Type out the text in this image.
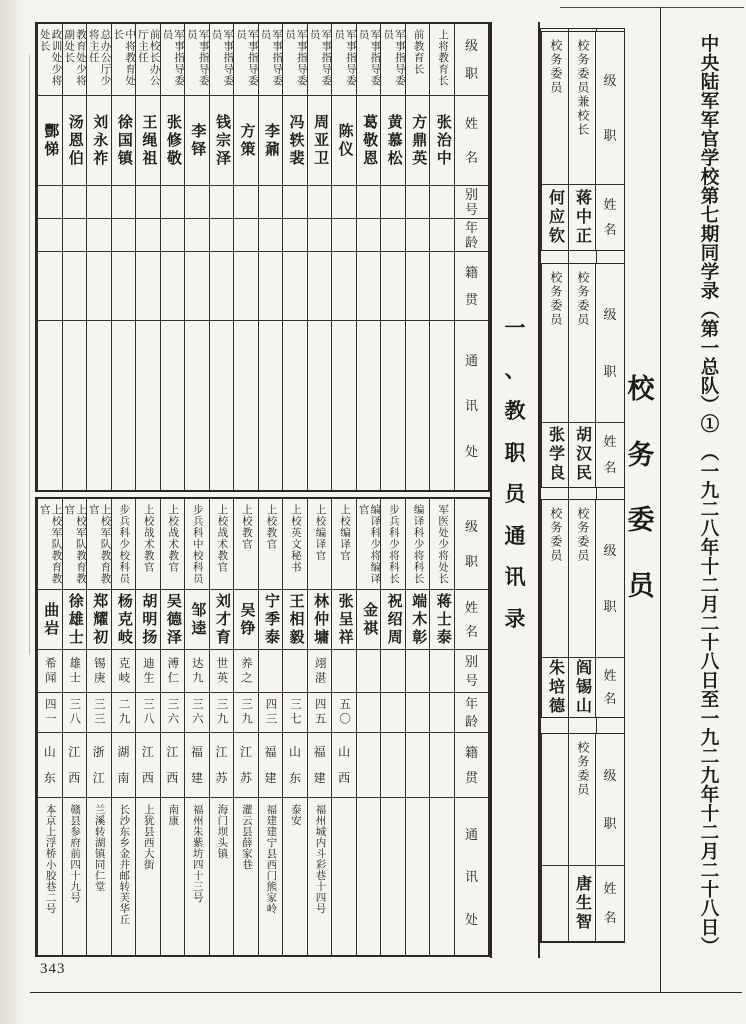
中央陆军军官学校第七期同学录（第一总队）①　（一九二八年十二月二十八日至一九二九年十二月二十八日）
校
务
委
员
级
职
姓
名
校务委员兼校长
蒋中正
校务委员
何应钦
级
职
姓
名
校务委员
胡汉民
校务委员
张学良
级
职
姓
名
校务委员
阎锡山
校务委员
朱培德
级
职
姓
名
校务委员
唐生智
一
、
教
职
员
通
讯
录
级
职
姓
名
别
号
年
龄
籍
贯
通
讯
处
上将教育长
张治中
前教育长
方鼎英
军事指导委员
黄慕松
军事指导委员
葛敬恩
军事指导委员
陈仪
军事指导委员
周亚卫
军事指导委员
冯轶裴
军事指导委员
李鼐
军事指导委员
方策
军事指导委员
钱宗泽
军事指导委员
李铎
军事指导委员
张修敬
前校长办公厅主任
王绳祖
中将教育处长
徐国镇
总办公厅少将主任
刘永祚
教育处少将副处长
汤恩伯
政训处少将处长
酆悌
级
职
姓
名
别
号
年
龄
籍
贯
通
讯
处
军医处少将处长
蒋士泰
编译科少将科长
端木彰
步兵科少将科长
祝绍周
编译科少将编译官
金祺
上校编译官
张呈祥
五〇
山
西
上校编译官
林仲墉
翊湛
四五
福
建
福州城内斗彩巷十四号
上校英文秘书
王相毅
三七
山
东
泰安
上校教官
宁季泰
四三
福
建
福建建宁县西门熊家岭
上校教官
吴铮
养之
三九
江
苏
灌云县薛家巷
上校战术教官
刘才育
世英
三九
江
苏
海门坝头镇
步兵科中校科员
邹逵
达九
三六
福
建
福州朱紫坊四十三号
上校战术教官
吴德泽
溥仁
三六
江
西
南康
上校战术教官
胡明扬
迪生
三八
江
西
上犹县西大街
步兵科少校科员
杨克岐
克岐
二九
湖
南
长沙东乡金井邮转芙华丘
上校军队教育教官
郑耀初
锡庚
三三
浙
江
兰溪转湖镇同仁堂
上校军队教育教官
徐雄士
雄士
三八
江
西
赣县参府前四十九号
上校军队教育教官
曲岩
希闻
四一
山
东
本京上浮桥小胶巷二号
343
